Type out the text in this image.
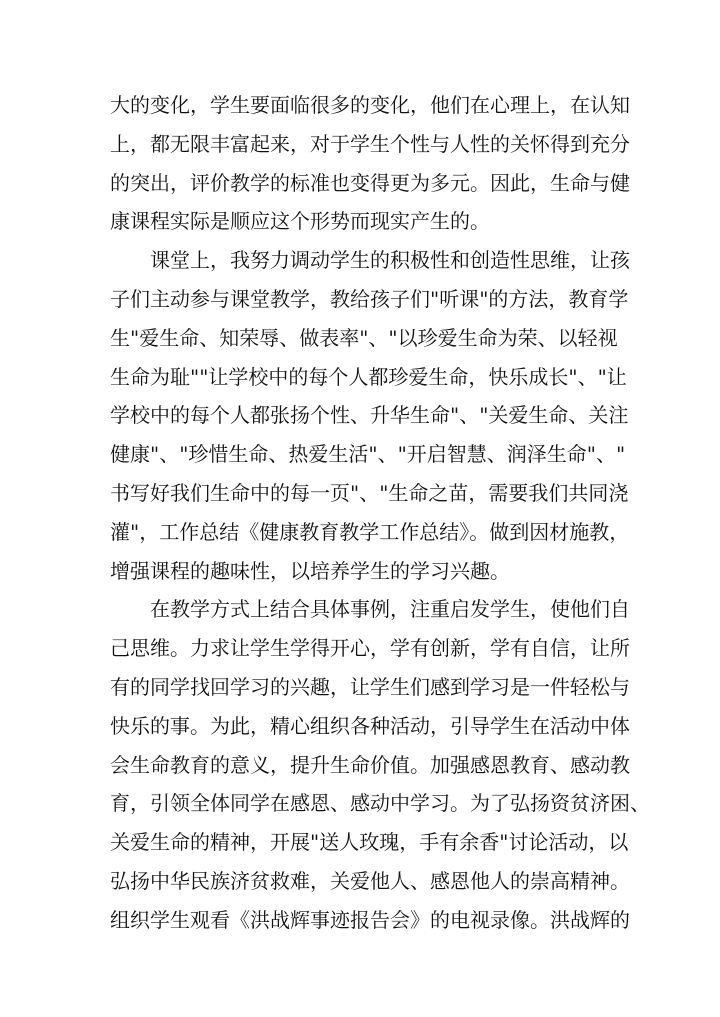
大的变化，学生要面临很多的变化，他们在心理上，在认知
上，都无限丰富起来，对于学生个性与人性的关怀得到充分
的突出，评价教学的标准也变得更为多元。因此，生命与健
康课程实际是顺应这个形势而现实产生的。
课堂上，我努力调动学生的积极性和创造性思维，让孩
子们主动参与课堂教学，教给孩子们"听课"的方法，教育学
生"爱生命、知荣辱、做表率"、"以珍爱生命为荣、以轻视
生命为耻""让学校中的每个人都珍爱生命，快乐成长"、"让
学校中的每个人都张扬个性、升华生命"、"关爱生命、关注
健康"、"珍惜生命、热爱生活"、"开启智慧、润泽生命"、"
书写好我们生命中的每一页"、"生命之苗，需要我们共同浇
灌"，工作总结《健康教育教学工作总结》。做到因材施教，
增强课程的趣味性，以培养学生的学习兴趣。
在教学方式上结合具体事例，注重启发学生，使他们自
己思维。力求让学生学得开心，学有创新，学有自信，让所
有的同学找回学习的兴趣，让学生们感到学习是一件轻松与
快乐的事。为此，精心组织各种活动，引导学生在活动中体
会生命教育的意义，提升生命价值。加强感恩教育、感动教
育，引领全体同学在感恩、感动中学习。为了弘扬资贫济困、
关爱生命的精神，开展"送人玫瑰，手有余香"讨论活动，以
弘扬中华民族济贫救难，关爱他人、感恩他人的崇高精神。
组织学生观看《洪战辉事迹报告会》的电视录像。洪战辉的
